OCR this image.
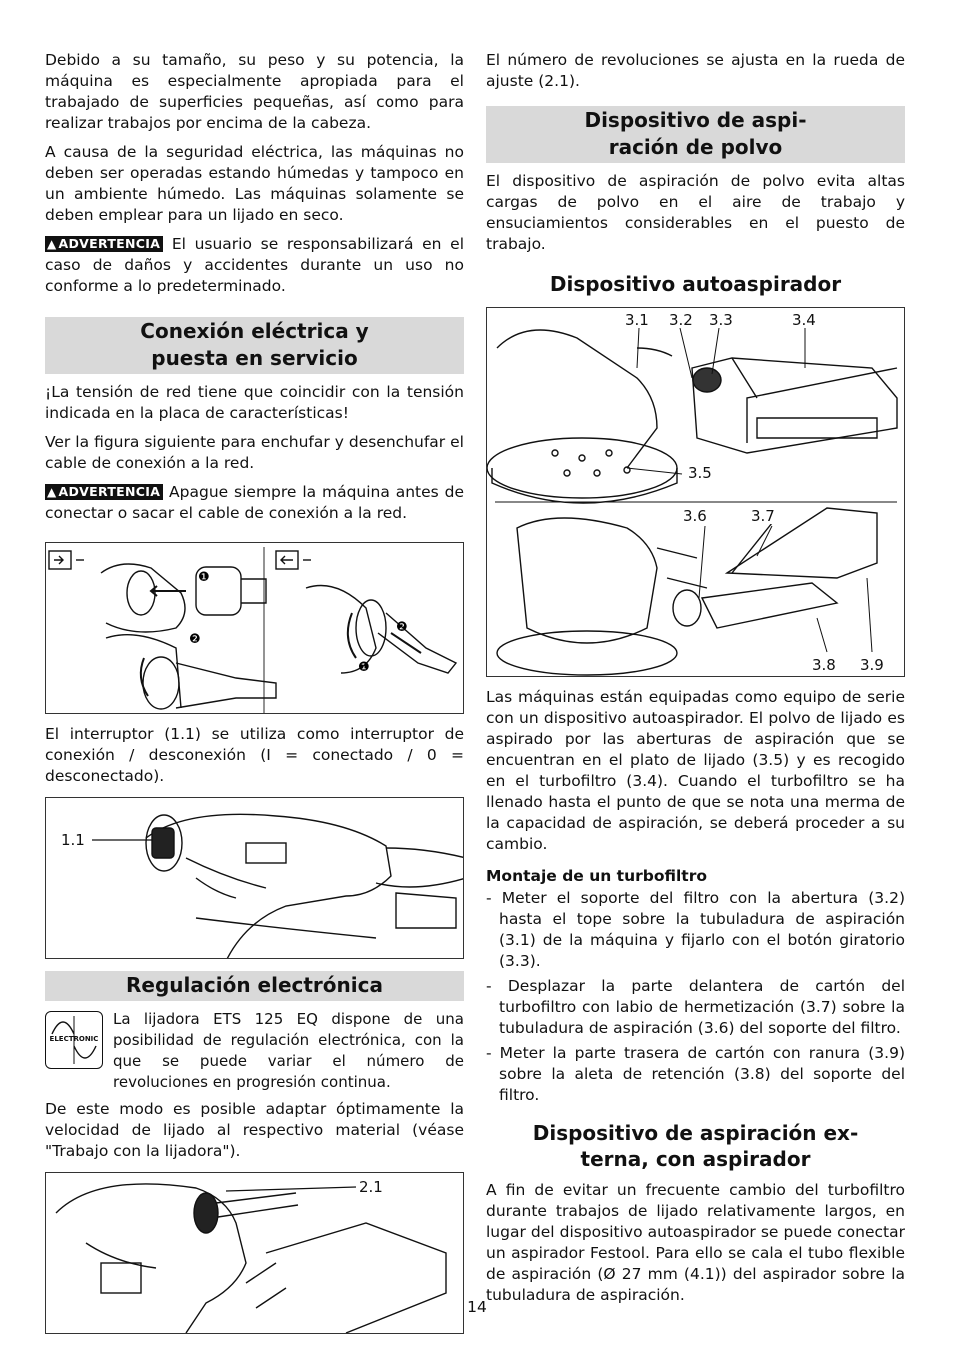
Debido a su tamaño, su peso y su potencia, la máquina es especialmente apropiada para el trabajado de superficies pequeñas, así como para realizar trabajos por encima de la cabeza.

A causa de la seguridad eléctrica, las máquinas no deben ser operadas estando húmedas y tampoco en un ambiente húmedo. Las máquinas solamente se deben emplear para un lijado en seco.

▲ ADVERTENCIA El usuario se responsabilizará en el caso de daños y accidentes durante un uso no conforme a lo predeterminado.

Conexión eléctrica y
puesta en servicio

¡La tensión de red tiene que coincidir con la tensión indicada en la placa de características!

Ver la figura siguiente para enchufar y desenchufar el cable de conexión a la red.

▲ ADVERTENCIA Apague siempre la máquina antes de conectar o sacar el cable de conexión a la red.

❶
❷
❷
❶

El interruptor (1.1) se utiliza como interruptor de conexión / desconexión (I = conectado / 0 = desconectado).

1.1
Regulación electrónica
ELECTRONIC

La lijadora ETS 125 EQ dispone de una posibilidad de regulación electrónica, con la que se puede variar el número de revoluciones en progresión continua.

De este modo es posible adaptar óptimamente la velocidad de lijado al respectivo material (véase "Trabajo con la lijadora").

2.1

El número de revoluciones se ajusta en la rueda de ajuste (2.1).

Dispositivo de aspi-
ración de polvo

El dispositivo de aspiración de polvo evita altas cargas de polvo en el aire de trabajo y ensuciamientos considerables en el puesto de trabajo.

Dispositivo autoaspirador
3.1 3.2 3.3	3.4
3.5
3.6	3.7
3.8 3.9

Las máquinas están equipadas como equipo de serie con un dispositivo autoaspirador. El polvo de lijado es aspirado por las aberturas de aspiración que se encuentran en el plato de lijado (3.5) y es recogido en el turbofiltro (3.4). Cuando el turbofiltro se ha llenado hasta el punto de que se nota una merma de la capacidad de aspiración, se deberá proceder a su cambio.

Montaje de un turbofiltro
- Meter el soporte del filtro con la abertura (3.2) hasta el tope sobre la tubuladura de aspiración (3.1) de la máquina y fijarlo con el botón giratorio (3.3).
- Desplazar la parte delantera de cartón del turbofiltro con labio de hermetización (3.7) sobre la tubuladura de aspiración (3.6) del soporte del filtro.
- Meter la parte trasera de cartón con ranura (3.9) sobre la aleta de retención (3.8) del soporte del filtro.
Dispositivo de aspiración ex-
terna, con aspirador

A fin de evitar un frecuente cambio del turbofiltro durante trabajos de lijado relativamente largos, en lugar del dispositivo autoaspirador se puede conectar un aspirador Festool. Para ello se cala el tubo flexible de aspiración (Ø 27 mm (4.1)) del aspirador sobre la tubuladura de aspiración.

14
